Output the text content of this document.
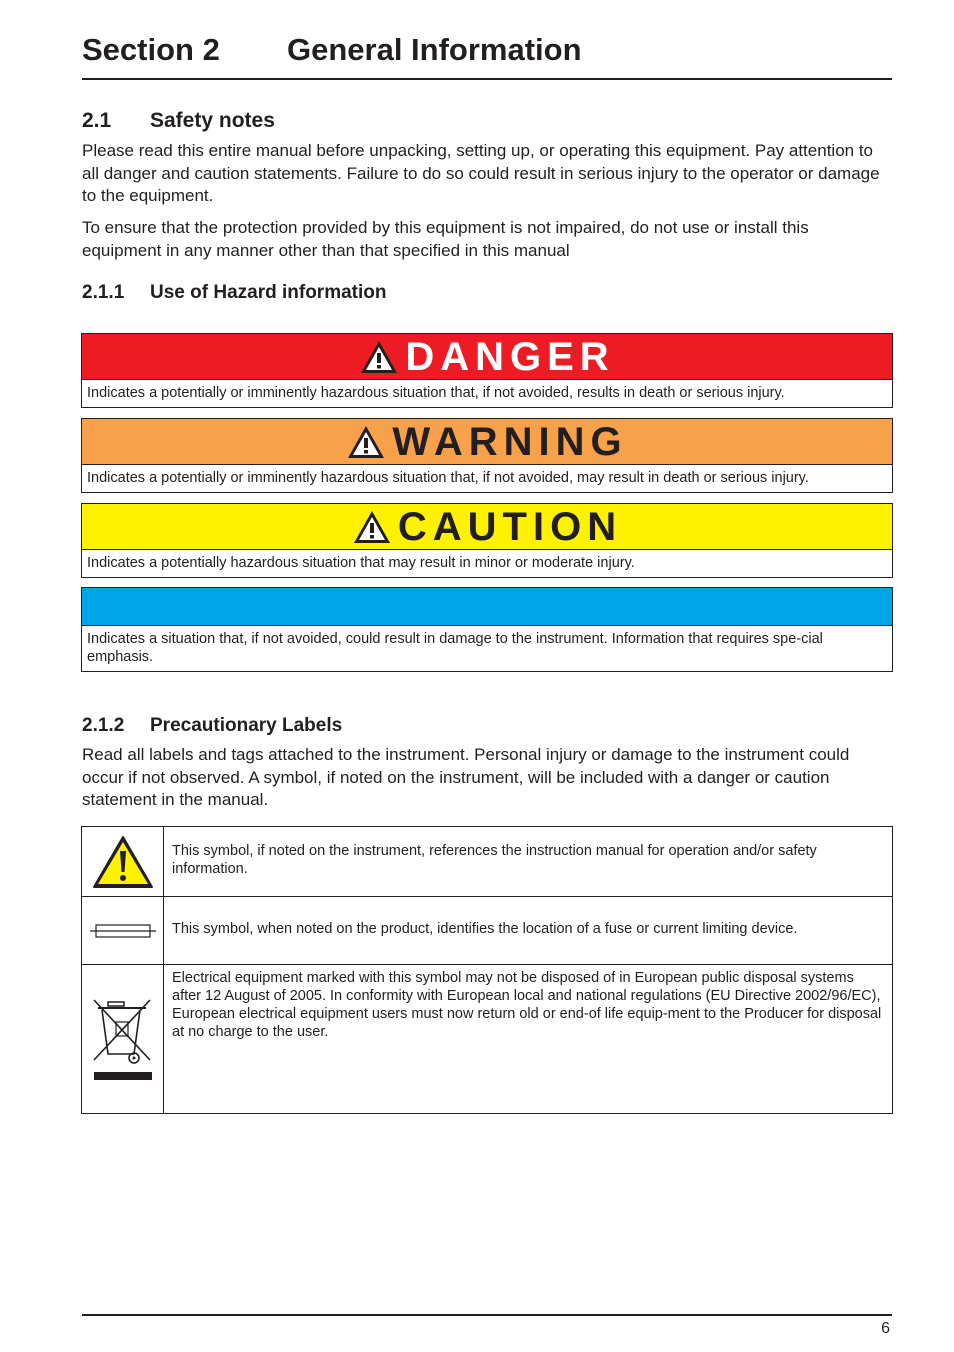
Section 2 General Information
2.1 Safety notes

Please read this entire manual before unpacking, setting up, or operating this equipment. Pay attention to all danger and caution statements. Failure to do so could result in serious injury to the operator or damage to the equipment.

To ensure that the protection provided by this equipment is not impaired, do not use or install this equipment in any manner other than that specified in this manual

2.1.1 Use of Hazard information
DANGER
Indicates a potentially or imminently hazardous situation that, if not avoided, results in death or serious injury.
WARNING
Indicates a potentially or imminently hazardous situation that, if not avoided, may result in death or serious injury.
CAUTION
Indicates a potentially hazardous situation that may result in minor or moderate injury.
Indicates a situation that, if not avoided, could result in damage to the instrument. Information that requires spe-cial emphasis.
2.1.2 Precautionary Labels

Read all labels and tags attached to the instrument. Personal injury or damage to the instrument could occur if not observed. A symbol, if noted on the instrument, will be included with a danger or caution statement in the manual.

This symbol, if noted on the instrument, references the instruction manual for operation and/or safety information.
This symbol, when noted on the product, identifies the location of a fuse or current limiting device.
Electrical equipment marked with this symbol may not be disposed of in European public disposal systems after 12 August of 2005. In conformity with European local and national regulations (EU Directive 2002/96/EC), European electrical equipment users must now return old or end-of life equip-ment to the Producer for disposal at no charge to the user.
6
